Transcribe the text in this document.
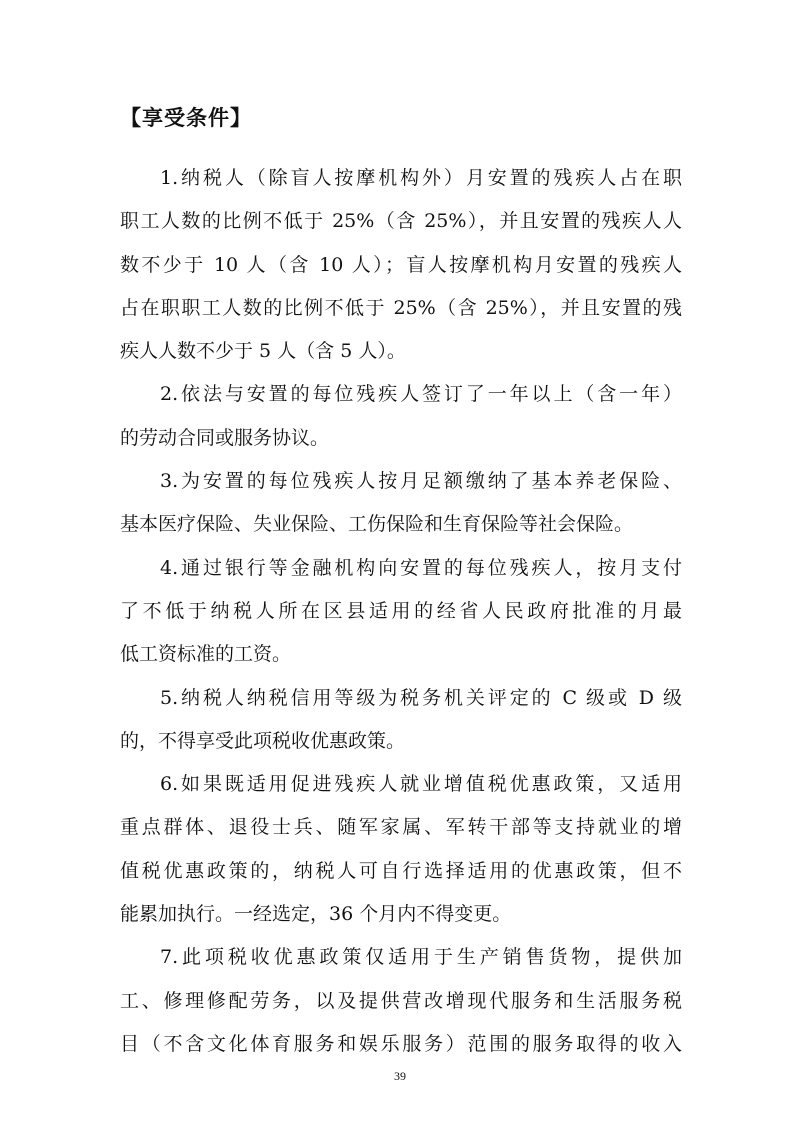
【享受条件】
1.纳税人（除盲人按摩机构外）月安置的残疾人占在职
职工人数的比例不低于 25%（含 25%），并且安置的残疾人人
数不少于 10 人（含 10 人）；盲人按摩机构月安置的残疾人
占在职职工人数的比例不低于 25%（含 25%），并且安置的残
疾人人数不少于 5 人（含 5 人）。
2.依法与安置的每位残疾人签订了一年以上（含一年）
的劳动合同或服务协议。
3.为安置的每位残疾人按月足额缴纳了基本养老保险、
基本医疗保险、失业保险、工伤保险和生育保险等社会保险。
4.通过银行等金融机构向安置的每位残疾人，按月支付
了不低于纳税人所在区县适用的经省人民政府批准的月最
低工资标准的工资。
5.纳税人纳税信用等级为税务机关评定的 C 级或 D 级
的，不得享受此项税收优惠政策。
6.如果既适用促进残疾人就业增值税优惠政策，又适用
重点群体、退役士兵、随军家属、军转干部等支持就业的增
值税优惠政策的，纳税人可自行选择适用的优惠政策，但不
能累加执行。一经选定，36 个月内不得变更。
7.此项税收优惠政策仅适用于生产销售货物，提供加
工、修理修配劳务，以及提供营改增现代服务和生活服务税
目（不含文化体育服务和娱乐服务）范围的服务取得的收入
39
